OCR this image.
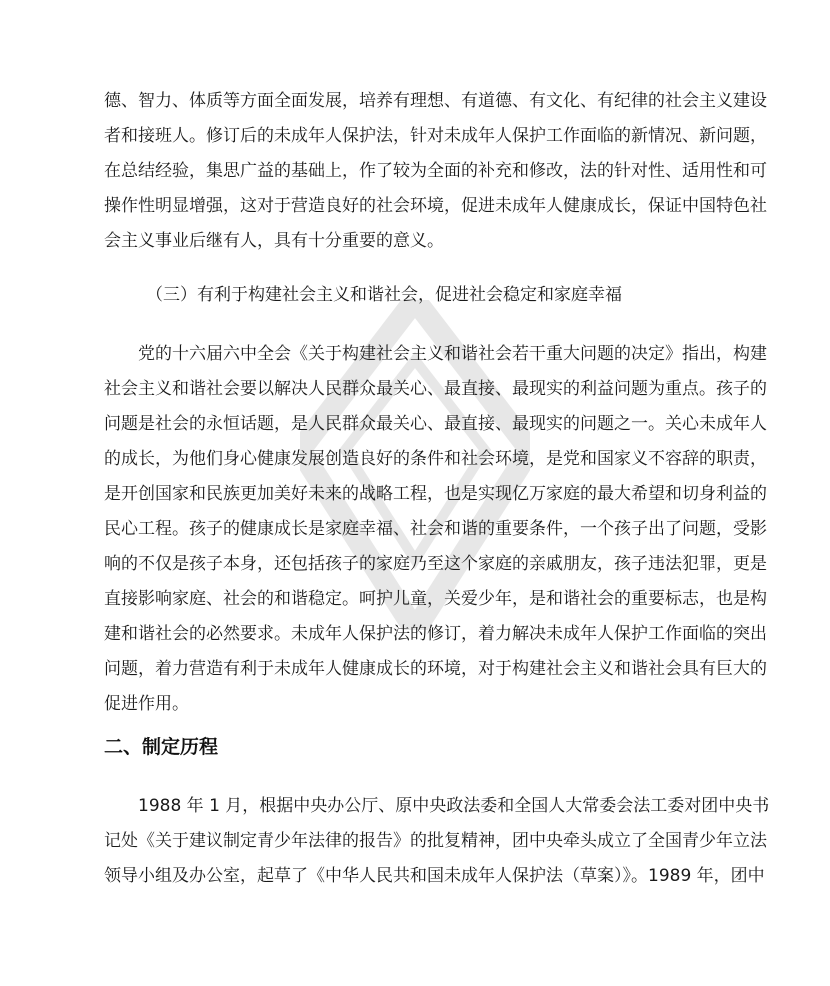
德、智力、体质等方面全面发展，培养有理想、有道德、有文化、有纪律的社会主义建设
者和接班人。修订后的未成年人保护法，针对未成年人保护工作面临的新情况、新问题，
在总结经验，集思广益的基础上，作了较为全面的补充和修改，法的针对性、适用性和可
操作性明显增强，这对于营造良好的社会环境，促进未成年人健康成长，保证中国特色社
会主义事业后继有人，具有十分重要的意义。
（三）有利于构建社会主义和谐社会，促进社会稳定和家庭幸福
党的十六届六中全会《关于构建社会主义和谐社会若干重大问题的决定》指出，构建
社会主义和谐社会要以解决人民群众最关心、最直接、最现实的利益问题为重点。孩子的
问题是社会的永恒话题，是人民群众最关心、最直接、最现实的问题之一。关心未成年人
的成长，为他们身心健康发展创造良好的条件和社会环境，是党和国家义不容辞的职责，
是开创国家和民族更加美好未来的战略工程，也是实现亿万家庭的最大希望和切身利益的
民心工程。孩子的健康成长是家庭幸福、社会和谐的重要条件，一个孩子出了问题，受影
响的不仅是孩子本身，还包括孩子的家庭乃至这个家庭的亲戚朋友，孩子违法犯罪，更是
直接影响家庭、社会的和谐稳定。呵护儿童，关爱少年，是和谐社会的重要标志，也是构
建和谐社会的必然要求。未成年人保护法的修订，着力解决未成年人保护工作面临的突出
问题，着力营造有利于未成年人健康成长的环境，对于构建社会主义和谐社会具有巨大的
促进作用。
二、制定历程
1988 年 1 月，根据中央办公厅、原中央政法委和全国人大常委会法工委对团中央书
记处《关于建议制定青少年法律的报告》的批复精神，团中央牵头成立了全国青少年立法
领导小组及办公室，起草了《中华人民共和国未成年人保护法（草案）》。1989 年，团中
